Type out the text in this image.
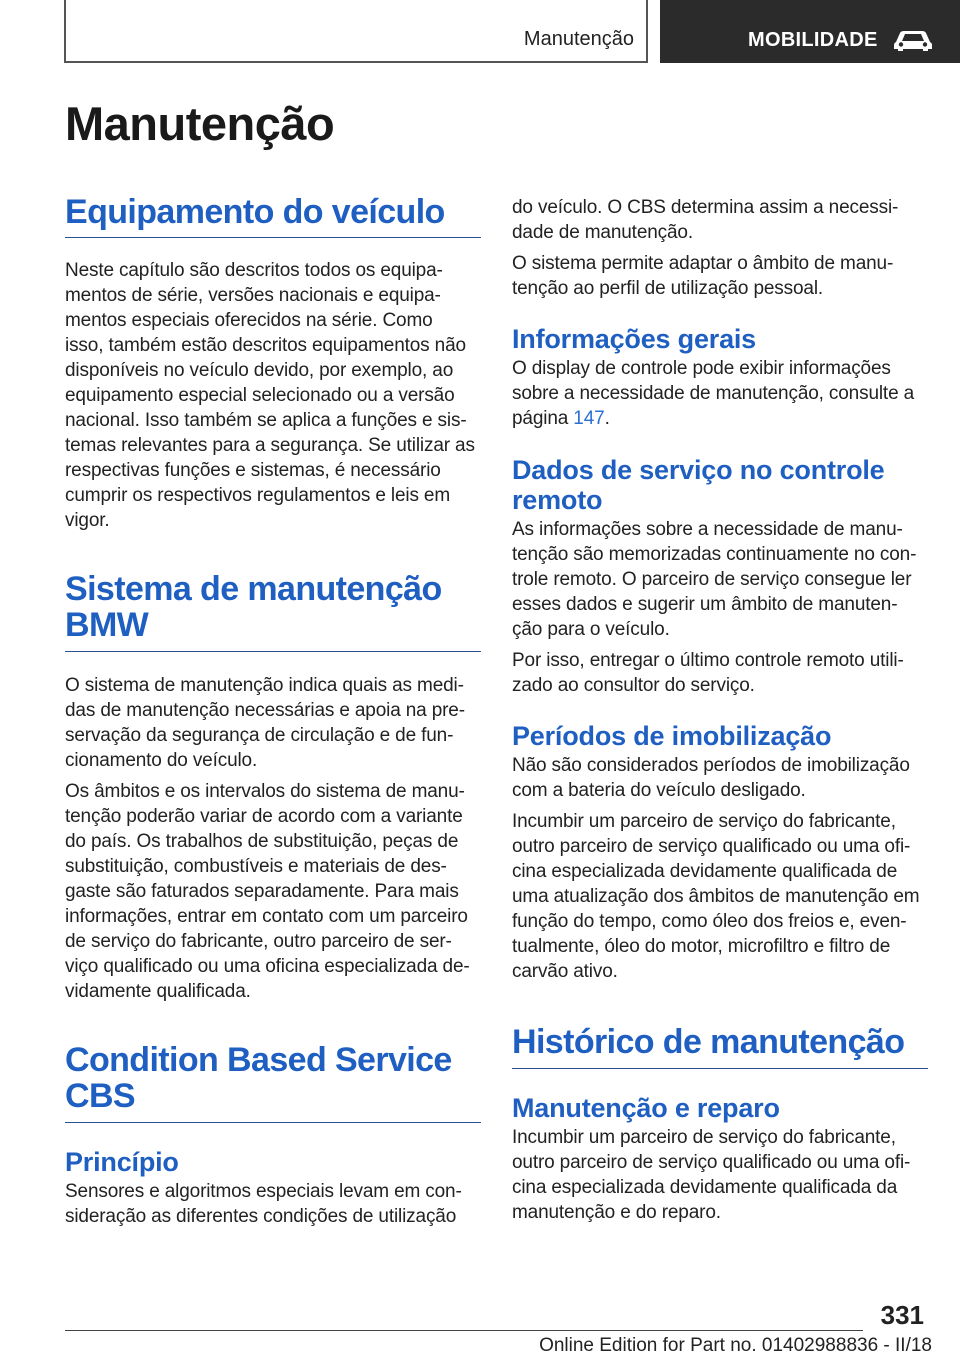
Manutenção	MOBILIDADE
Manutenção
Equipamento do veículo

Neste capítulo são descritos todos os equipa-
mentos de série, versões nacionais e equipa-
mentos especiais oferecidos na série. Como
isso, também estão descritos equipamentos não
disponíveis no veículo devido, por exemplo, ao
equipamento especial selecionado ou a versão
nacional. Isso também se aplica a funções e sis-
temas relevantes para a segurança. Se utilizar as
respectivas funções e sistemas, é necessário
cumprir os respectivos regulamentos e leis em
vigor.

Sistema de manutenção
BMW

O sistema de manutenção indica quais as medi-
das de manutenção necessárias e apoia na pre-
servação da segurança de circulação e de fun-
cionamento do veículo.

Os âmbitos e os intervalos do sistema de manu-
tenção poderão variar de acordo com a variante
do país. Os trabalhos de substituição, peças de
substituição, combustíveis e materiais de des-
gaste são faturados separadamente. Para mais
informações, entrar em contato com um parceiro
de serviço do fabricante, outro parceiro de ser-
viço qualificado ou uma oficina especializada de-
vidamente qualificada.

Condition Based Service
CBS
Princípio

Sensores e algoritmos especiais levam em con-
sideração as diferentes condições de utilização

do veículo. O CBS determina assim a necessi-
dade de manutenção.

O sistema permite adaptar o âmbito de manu-
tenção ao perfil de utilização pessoal.

Informações gerais

O display de controle pode exibir informações
sobre a necessidade de manutenção, consulte a
página 147.

Dados de serviço no controle
remoto

As informações sobre a necessidade de manu-
tenção são memorizadas continuamente no con-
trole remoto. O parceiro de serviço consegue ler
esses dados e sugerir um âmbito de manuten-
ção para o veículo.

Por isso, entregar o último controle remoto utili-
zado ao consultor do serviço.

Períodos de imobilização

Não são considerados períodos de imobilização
com a bateria do veículo desligado.

Incumbir um parceiro de serviço do fabricante,
outro parceiro de serviço qualificado ou uma ofi-
cina especializada devidamente qualificada de
uma atualização dos âmbitos de manutenção em
função do tempo, como óleo dos freios e, even-
tualmente, óleo do motor, microfiltro e filtro de
carvão ativo.

Histórico de manutenção
Manutenção e reparo

Incumbir um parceiro de serviço do fabricante,
outro parceiro de serviço qualificado ou uma ofi-
cina especializada devidamente qualificada da
manutenção e do reparo.

331
Online Edition for Part no. 01402988836 - II/18
